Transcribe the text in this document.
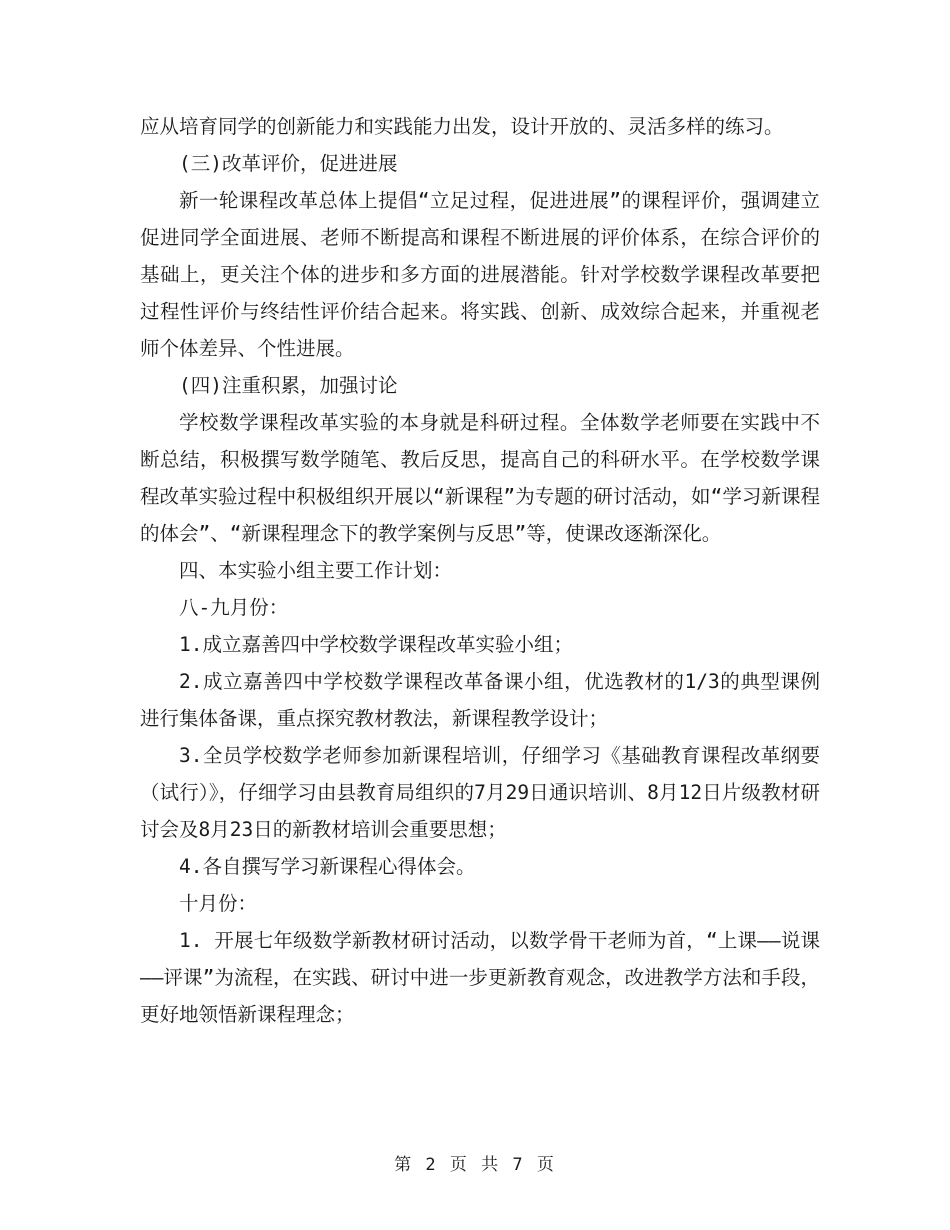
应从培育同学的创新能力和实践能力出发，设计开放的、灵活多样的练习。

(三)改革评价，促进进展

新一轮课程改革总体上提倡“立足过程，促进进展”的课程评价，强调建立促进同学全面进展、老师不断提高和课程不断进展的评价体系，在综合评价的基础上，更关注个体的进步和多方面的进展潜能。针对学校数学课程改革要把过程性评价与终结性评价结合起来。将实践、创新、成效综合起来，并重视老师个体差异、个性进展。

(四)注重积累，加强讨论

学校数学课程改革实验的本身就是科研过程。全体数学老师要在实践中不断总结，积极撰写数学随笔、教后反思，提高自己的科研水平。在学校数学课程改革实验过程中积极组织开展以“新课程”为专题的研讨活动，如“学习新课程的体会”、“新课程理念下的教学案例与反思”等，使课改逐渐深化。

四、本实验小组主要工作计划：

八-九月份：

1.成立嘉善四中学校数学课程改革实验小组；

2.成立嘉善四中学校数学课程改革备课小组，优选教材的1/3的典型课例进行集体备课，重点探究教材教法，新课程教学设计；

3.全员学校数学老师参加新课程培训，仔细学习《基础教育课程改革纲要（试行）》，仔细学习由县教育局组织的7月29日通识培训、8月12日片级教材研讨会及8月23日的新教材培训会重要思想；

4.各自撰写学习新课程心得体会。

十月份：

1. 开展七年级数学新教材研讨活动，以数学骨干老师为首，“上课——说课——评课”为流程，在实践、研讨中进一步更新教育观念，改进教学方法和手段，更好地领悟新课程理念；

第 2 页 共 7 页
